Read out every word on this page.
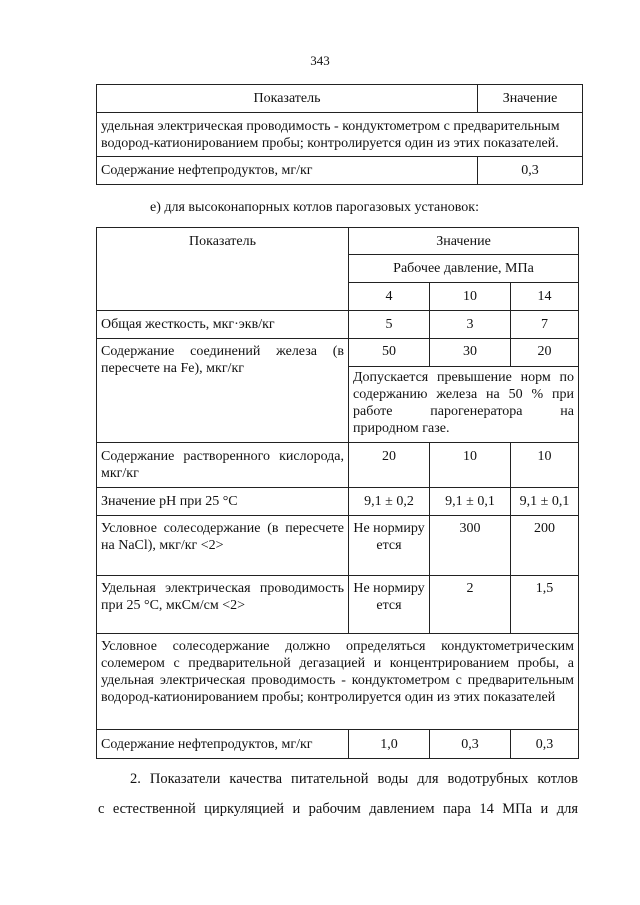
343
Показатель	Значение

удельная электрическая проводимость - кондуктометром с предварительным
водород-катионированием пробы; контролируется один из этих показателей.	

Содержание нефтепродуктов, мг/кг	0,3
е) для высоконапорных котлов парогазовых установок:
Показатель	Значение		
	Рабочее давление, МПа		
	4	10	14
Общая жесткость, мкг·экв/кг	5	3	7
Содержание соединений железа (в пересчете на Fe), мкг/кг	50	30	20
	Допускается превышение норм по содержанию железа на 50 % при работе парогенератора на природном газе.		
Содержание растворенного кислорода, мкг/кг	20	10	10
Значение pH при 25 °С	9,1 ± 0,2	9,1 ± 0,1	9,1 ± 0,1
Условное солесодержание (в пересчете на NaCl), мкг/кг <2>	Не нормируется	300	200
Удельная электрическая проводимость при 25 °С, мкСм/см <2>	Не нормируется	2	1,5
Условное солесодержание должно определяться кондуктометрическим солемером с предварительной дегазацией и концентрированием пробы, а удельная электрическая проводимость - кондуктометром с предварительным водород-катионированием пробы; контролируется один из этих показателей			
Содержание нефтепродуктов, мг/кг	1,0	0,3	0,3
2. Показатели качества питательной воды для водотрубных котлов
с естественной циркуляцией и рабочим давлением пара 14 МПа и для
